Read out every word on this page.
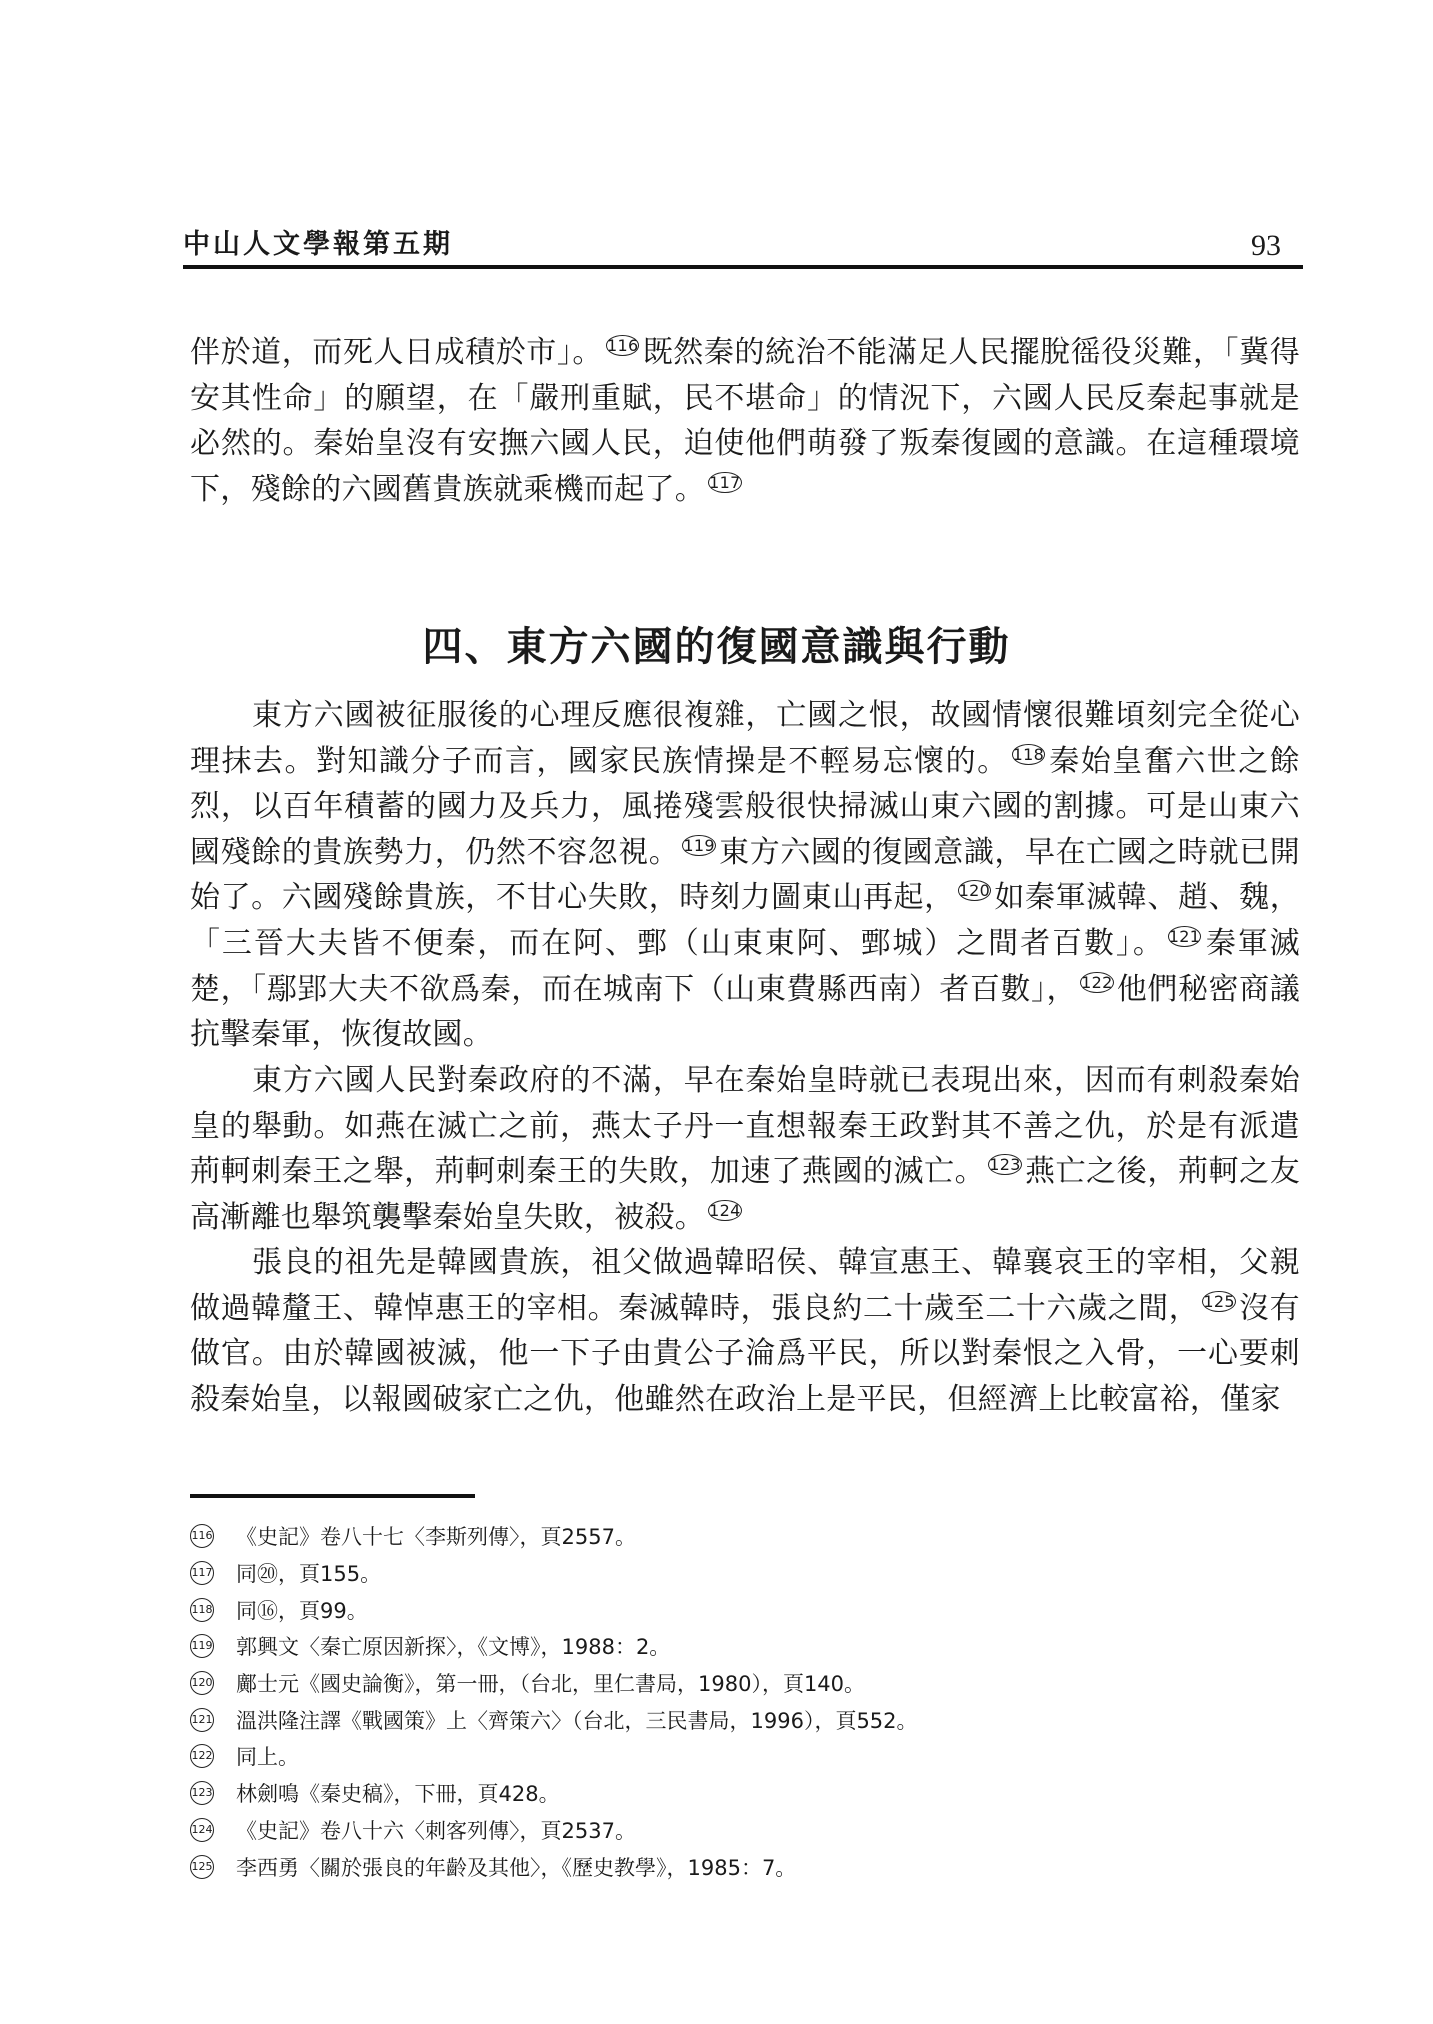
中山人文學報第五期	93

伴於道，而死人日成積於市」。 $^{116}$ 既然秦的統治不能滿足人民擺脫徭役災難，「冀得安其性命」的願望，在「嚴刑重賦，民不堪命」的情況下，六國人民反秦起事就是必然的。秦始皇沒有安撫六國人民，迫使他們萌發了叛秦復國的意識。在這種環境下，殘餘的六國舊貴族就乘機而起了。 $^{117}$

四、東方六國的復國意識與行動

東方六國被征服後的心理反應很複雜，亡國之恨，故國情懷很難頃刻完全從心理抹去。對知識分子而言，國家民族情操是不輕易忘懷的。 $^{118}$ 秦始皇奮六世之餘烈，以百年積蓄的國力及兵力，風捲殘雲般很快掃滅山東六國的割據。可是山東六國殘餘的貴族勢力，仍然不容忽視。 $^{119}$ 東方六國的復國意識，早在亡國之時就已開始了。六國殘餘貴族，不甘心失敗，時刻力圖東山再起， $^{120}$ 如秦軍滅韓、趙、魏，「三晉大夫皆不便秦，而在阿、鄄（山東東阿、鄄城）之間者百數」。 $^{121}$ 秦軍滅楚，「鄢郢大夫不欲爲秦，而在城南下（山東費縣西南）者百數」， $^{122}$ 他們秘密商議抗擊秦軍，恢復故國。

東方六國人民對秦政府的不滿，早在秦始皇時就已表現出來，因而有刺殺秦始皇的舉動。如燕在滅亡之前，燕太子丹一直想報秦王政對其不善之仇，於是有派遣荊軻刺秦王之舉，荊軻刺秦王的失敗，加速了燕國的滅亡。 $^{123}$ 燕亡之後，荊軻之友高漸離也舉筑襲擊秦始皇失敗，被殺。 $^{124}$

張良的祖先是韓國貴族，祖父做過韓昭侯、韓宣惠王、韓襄哀王的宰相，父親做過韓釐王、韓悼惠王的宰相。秦滅韓時，張良約二十歲至二十六歲之間， $^{125}$ 沒有做官。由於韓國被滅，他一下子由貴公子淪爲平民，所以對秦恨之入骨，一心要刺殺秦始皇，以報國破家亡之仇，他雖然在政治上是平民，但經濟上比較富裕，僅家

116 《史記》卷八十七〈李斯列傳〉，頁2557。
117 同⑳，頁155。
118 同⑯，頁99。
119 郭興文〈秦亡原因新探〉，《文博》，1988：2。
120 鄺士元《國史論衡》，第一冊，（台北，里仁書局，1980），頁140。
121 溫洪隆注譯《戰國策》上〈齊策六〉（台北，三民書局，1996），頁552。
122 同上。
123 林劍鳴《秦史稿》，下冊，頁428。
124 《史記》卷八十六〈刺客列傳〉，頁2537。
125 李西勇〈關於張良的年齡及其他〉，《歷史教學》，1985：7。
